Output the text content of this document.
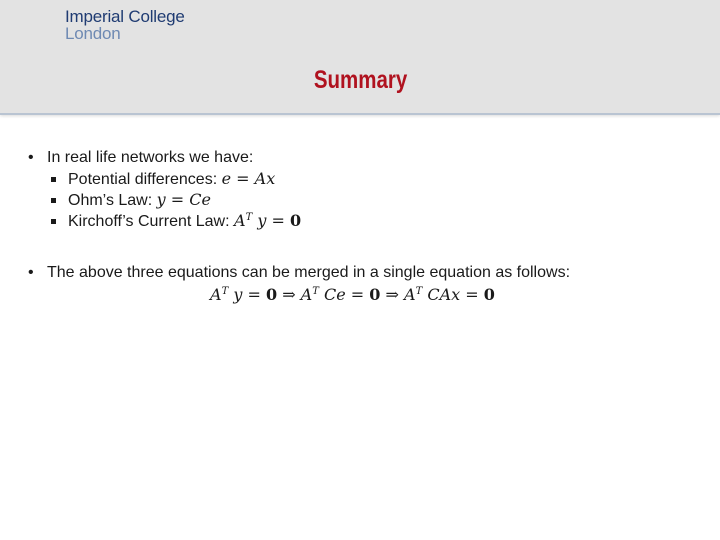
Imperial College
London
Summary
• In real life networks we have:
Potential differences: e = Ax
Ohm’s Law: y = Ce
Kirchoff’s Current Law: $A^T$ y = 0
• The above three equations can be merged in a single equation as follows:
$A^T$ y = 0 ⇒ $A^T$ Ce = 0 ⇒ $A^T$ CAx = 0
